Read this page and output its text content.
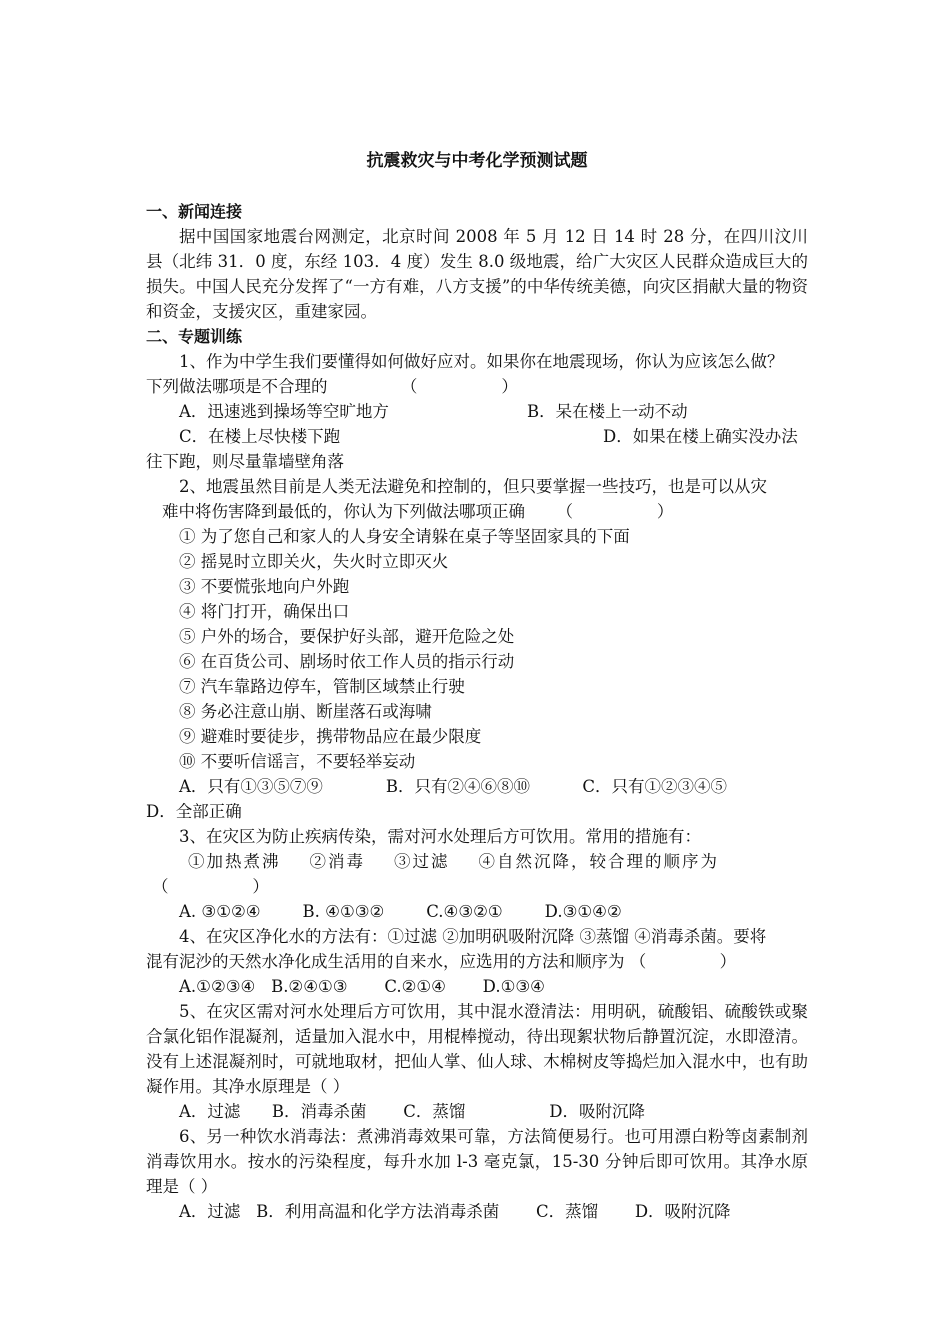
抗震救灾与中考化学预测试题
一、新闻连接
据中国国家地震台网测定，北京时间 2008 年 5 月 12 日 14 时 28 分，在四川汶川县（北纬 31．0 度，东经 103．4 度）发生 8.0 级地震，给广大灾区人民群众造成巨大的损失。中国人民充分发挥了“一方有难，八方支援”的中华传统美德，向灾区捐献大量的物资和资金，支援灾区，重建家园。
二、专题训练
1、作为中学生我们要懂得如何做好应对。如果你在地震现场，你认为应该怎么做？
下列做法哪项是不合理的              （                ）
A．迅速逃到操场等空旷地方	B．呆在楼上一动不动
C．在楼上尽快楼下跑	D．如果在楼上确实没办法
往下跑，则尽量靠墙壁角落
2、地震虽然目前是人类无法避免和控制的，但只要掌握一些技巧，也是可以从灾
难中将伤害降到最低的，你认为下列做法哪项正确      （                ）
① 为了您自己和家人的人身安全请躲在桌子等坚固家具的下面
② 摇晃时立即关火，失火时立即灭火
③ 不要慌张地向户外跑
④ 将门打开，确保出口
⑤ 户外的场合，要保护好头部，避开危险之处
⑥ 在百货公司、剧场时依工作人员的指示行动
⑦ 汽车靠路边停车，管制区域禁止行驶
⑧ 务必注意山崩、断崖落石或海啸
⑨ 避难时要徒步，携带物品应在最少限度
⑩ 不要听信谣言，不要轻举妄动
A．只有①③⑤⑦⑨            B．只有②④⑥⑧⑩          C．只有①②③④⑤
D．全部正确
3、在灾区为防止疾病传染，需对河水处理后方可饮用。常用的措施有：
①加热煮沸    ②消毒    ③过滤    ④自然沉降，较合理的顺序为
（                ）
A. ③①②④        B. ④①③②        C.④③②①        D.③①④②
4、在灾区净化水的方法有：①过滤 ②加明矾吸附沉降 ③蒸馏 ④消毒杀菌。要将
混有泥沙的天然水净化成生活用的自来水，应选用的方法和顺序为 （              ）
A.①②③④   B.②④①③       C.②①④       D.①③④
5、在灾区需对河水处理后方可饮用，其中混水澄清法：用明矾，硫酸铝、硫酸铁或聚合氯化铝作混凝剂，适量加入混水中，用棍棒搅动，待出现絮状物后静置沉淀，水即澄清。没有上述混凝剂时，可就地取材，把仙人掌、仙人球、木棉树皮等捣烂加入混水中，也有助凝作用。其净水原理是（ ）
A．过滤      B．消毒杀菌       C．蒸馏                D．吸附沉降
6、另一种饮水消毒法：煮沸消毒效果可靠，方法简便易行。也可用漂白粉等卤素制剂消毒饮用水。按水的污染程度，每升水加 l-3 毫克氯，15-30 分钟后即可饮用。其净水原理是（ ）
A．过滤   B．利用高温和化学方法消毒杀菌       C．蒸馏       D．吸附沉降
